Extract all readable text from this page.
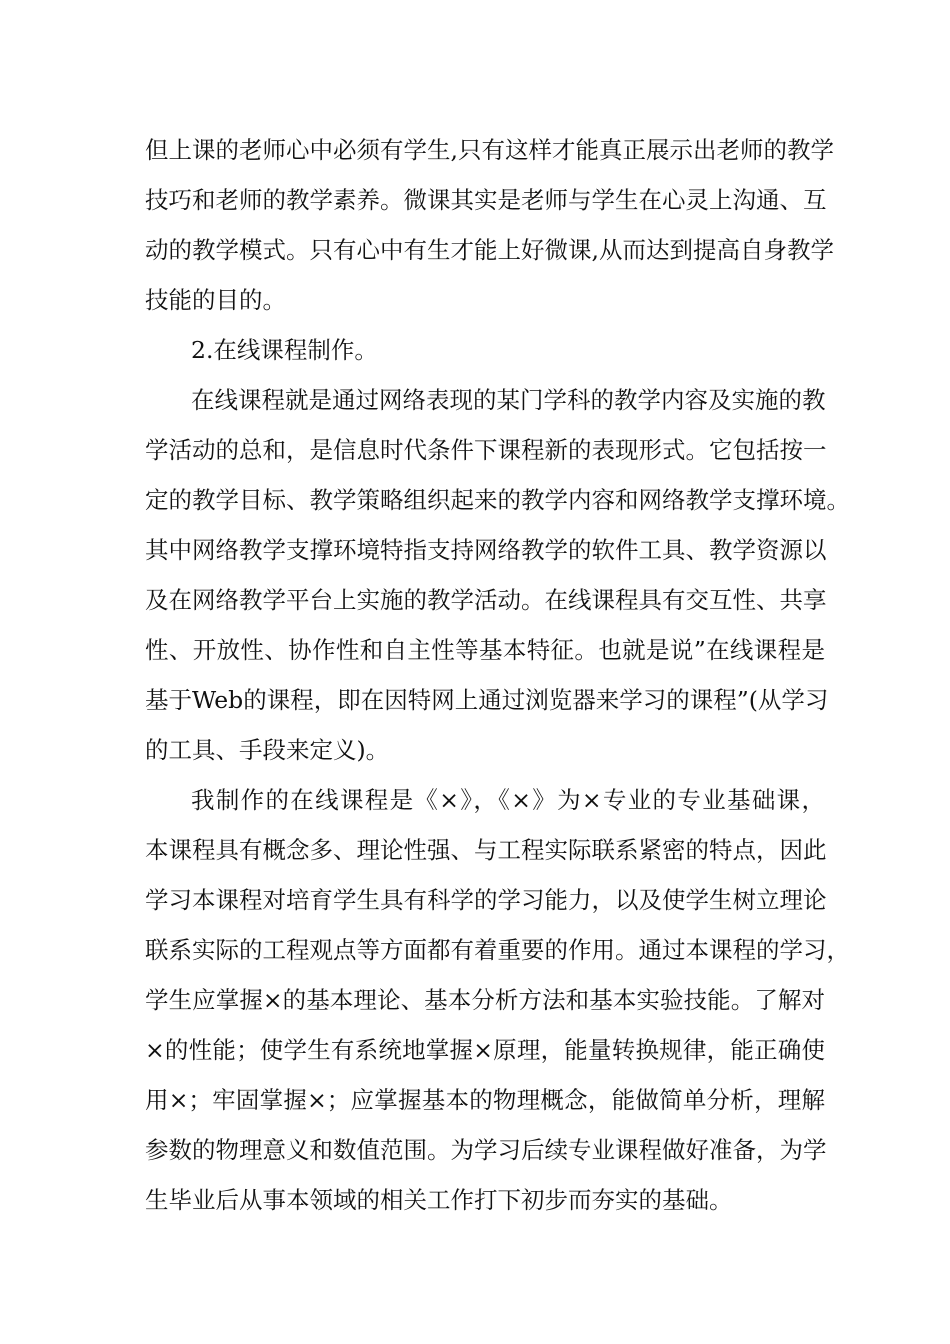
但上课的老师心中必须有学生,只有这样才能真正展示出老师的教学
技巧和老师的教学素养。微课其实是老师与学生在心灵上沟通、互
动的教学模式。只有心中有生才能上好微课,从而达到提高自身教学
技能的目的。
2.在线课程制作。
在线课程就是通过网络表现的某门学科的教学内容及实施的教
学活动的总和，是信息时代条件下课程新的表现形式。它包括按一
定的教学目标、教学策略组织起来的教学内容和网络教学支撑环境。
其中网络教学支撑环境特指支持网络教学的软件工具、教学资源以
及在网络教学平台上实施的教学活动。在线课程具有交互性、共享
性、开放性、协作性和自主性等基本特征。也就是说”在线课程是
基于Web的课程，即在因特网上通过浏览器来学习的课程”(从学习
的工具、手段来定义)。
我制作的在线课程是《×》，《×》为×专业的专业基础课，
本课程具有概念多、理论性强、与工程实际联系紧密的特点，因此
学习本课程对培育学生具有科学的学习能力，以及使学生树立理论
联系实际的工程观点等方面都有着重要的作用。通过本课程的学习，
学生应掌握×的基本理论、基本分析方法和基本实验技能。了解对
×的性能；使学生有系统地掌握×原理，能量转换规律，能正确使
用×；牢固掌握×；应掌握基本的物理概念，能做简单分析，理解
参数的物理意义和数值范围。为学习后续专业课程做好准备，为学
生毕业后从事本领域的相关工作打下初步而夯实的基础。
